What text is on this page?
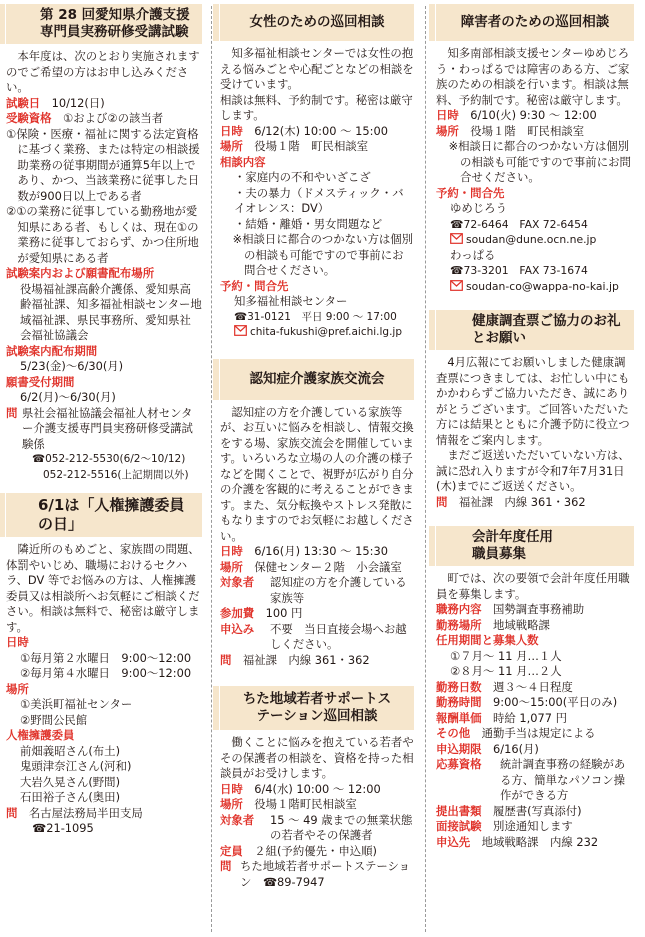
第 28 回愛知県介護支援専門員実務研修受講試験

本年度は、次のとおり実施されますのでご希望の方はお申し込みください。

試験日　 10/12(日)
受験資格　 ①および②の該当者

①保険・医療・福祉に関する法定資格に基づく業務、または特定の相談援助業務の従事期間が通算5年以上であり、かつ、当該業務に従事した日数が900日以上である者

②①の業務に従事している勤務地が愛知県にある者、もしくは、現在①の業務に従事しておらず、かつ住所地が愛知県にある者

試験案内および願書配布場所

役場福祉課高齢介護係、愛知県高齢福祉課、知多福祉相談センター地域福祉課、県民事務所、愛知県社会福祉協議会

試験案内配布期間
5/23(金)～6/30(月)
願書受付期間
6/2(月)～6/30(月)
問 県社会福祉協議会福祉人材センター介護支援専門員実務研修受講試験係
☎052-212-5530(6/2～10/12)
052-212-5516(上記期間以外)
6/1は「人権擁護委員の日」

隣近所のもめごと、家族間の問題、体罰やいじめ、職場におけるセクハラ、DV 等でお悩みの方は、人権擁護委員又は相談所へお気軽にご相談ください。相談は無料で、秘密は厳守します。

日時
①毎月第２水曜日　9:00～12:00
②毎月第４水曜日　9:00～12:00
場所
①美浜町福祉センター
②野間公民館
人権擁護委員
前畑義昭さん(布土)
鬼頭津奈江さん(河和)
大岩久晃さん(野間)
石田裕子さん(奥田)
問　 名古屋法務局半田支局
☎21-1095
女性のための巡回相談

知多福祉相談センターでは女性の抱える悩みごとや心配ごとなどの相談を受けています。

相談は無料、予約制です。秘密は厳守します。

日時　 6/12(木) 10:00 ～ 15:00
場所　 役場１階　町民相談室
相談内容
・家庭内の不和やいざこざ

・夫の暴力（ドメスティック・バイオレンス：DV）

・結婚・離婚・男女問題など

※相談日に都合のつかない方は個別の相談も可能ですので事前にお問合せください。

予約・問合先
知多福祉相談センター
☎31-0121　平日 9:00 ～ 17:00
chita-fukushi@pref.aichi.lg.jp
認知症介護家族交流会

認知症の方を介護している家族等が、お互いに悩みを相談し、情報交換をする場、家族交流会を開催しています。いろいろな立場の人の介護の様子などを聞くことで、視野が広がり自分の介護を客観的に考えることができます。また、気分転換やストレス発散にもなりますのでお気軽にお越しください。

日時　 6/16(月) 13:30 ～ 15:30
場所　 保健センター２階　小会議室
対象者	認知症の方を介護している家族等
参加費　 100 円
申込み	不要　当日直接会場へお越しください。
問　 福祉課　内線 361・362
ちた地域若者サポートステーション巡回相談

働くことに悩みを抱えている若者やその保護者の相談を、資格を持った相談員がお受けします。

日時　 6/4(水) 10:00 ～ 12:00
場所　 役場１階町民相談室
対象者	15 ～ 49 歳までの無業状態の若者やその保護者
定員　 ２組(予約優先・申込順)
問 ちた地域若者サポートステーション　 ☎89-7947
障害者のための巡回相談

知多南部相談支援センターゆめじろう・わっぱるでは障害のある方、ご家族のための相談を行います。相談は無料、予約制です。秘密は厳守します。

日時　 6/10(火) 9:30 ～ 12:00
場所　 役場１階　町民相談室

※相談日に都合のつかない方は個別の相談も可能ですので事前にお問合せください。

予約・問合先
ゆめじろう
☎72-6464　FAX 72-6454
soudan@dune.ocn.ne.jp
わっぱる
☎73-3201　FAX 73-1674
soudan-co@wappa-no-kai.jp
健康調査票ご協力のお礼とお願い

4月広報にてお願いしました健康調査票につきましては、お忙しい中にもかかわらずご協力いただき、誠にありがとうございます。ご回答いただいた方には結果とともに介護予防に役立つ情報をご案内します。

まだご返送いただいていない方は、誠に恐れ入りますが令和7年7月31日(木)までにご返送ください。

問　 福祉課　内線 361・362
会計年度任用職員募集

町では、次の要領で会計年度任用職員を募集します。

職務内容　 国勢調査事務補助
勤務場所　 地域戦略課
任用期間と募集人数
①７月～ 11 月…１人
②８月～ 11 月…２人
勤務日数　 週３～４日程度
勤務時間　 9:00～15:00(平日のみ)
報酬単価　 時給 1,077 円
その他　 通勤手当は規定による
申込期限　 6/16(月)
応募資格	統計調査事務の経験がある方、簡単なパソコン操作ができる方
提出書類　 履歴書(写真添付)
面接試験　 別途通知します
申込先　 地域戦略課　内線 232
